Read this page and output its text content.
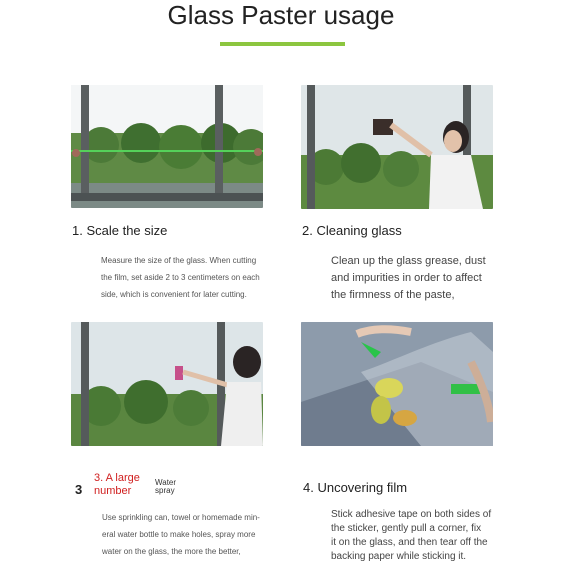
Glass Paster usage
1. Scale the size
Measure the size of the glass. When cutting
the film, set aside 2 to 3 centimeters on each
side, which is convenient for later cutting.
2. Cleaning glass
Clean up the glass grease, dust
and impurities in order to affect
the firmness of the paste,
3
3. A large number
Water spray
Use sprinkling can, towel or homemade min-
eral water bottle to make holes, spray more
water on the glass, the more the better,
4. Uncovering film
Stick adhesive tape on both sides of
the sticker, gently pull a corner, fix
it on the glass, and then tear off the
backing paper while sticking it.
